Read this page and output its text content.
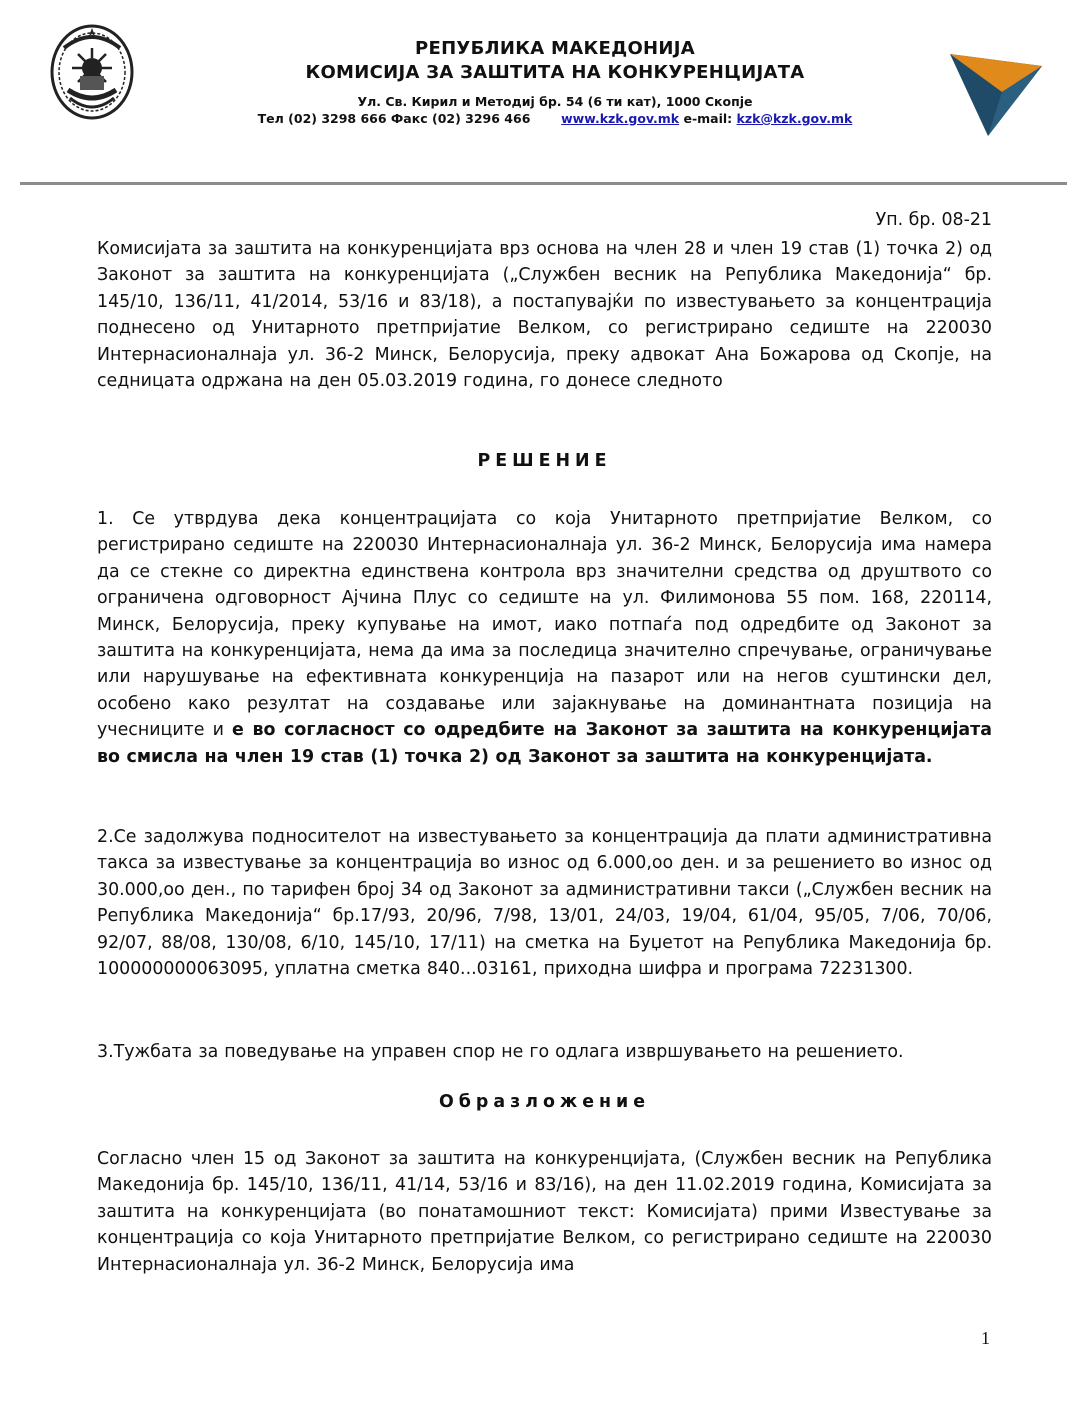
РЕПУБЛИКА МАКЕДОНИЈА
КОМИСИЈА ЗА ЗАШТИТА НА КОНКУРЕНЦИЈАТА
Ул. Св. Кирил и Методиј бр. 54 (6 ти кат), 1000 Скопје
Тел (02) 3298 666 Факс (02) 3296 466 www.kzk.gov.mk e-mail: kzk@kzk.gov.mk
Уп. бр. 08-21
Комисијата за заштита на конкуренцијата врз основа на член 28 и член 19 став (1) точка 2) од Законот за заштита на конкуренцијата („Службен весник на Република Македонија“ бр. 145/10, 136/11, 41/2014, 53/16 и 83/18), а постапувајќи по известувањето за концентрација поднесено од Унитарното претпријатие Велком, со регистрирано седиште на 220030 Интернасионалнаја ул. 36-2 Минск, Белорусија, преку адвокат Ана Божарова од Скопје, на седницата одржана на ден 05.03.2019 година, го донесе следното
РЕШЕНИЕ
1. Се утврдува дека концентрацијата со која Унитарното претпријатие Велком, со регистрирано седиште на 220030 Интернасионалнаја ул. 36-2 Минск, Белорусија има намера да се стекне со директна единствена контрола врз значителни средства од друштвото со ограничена одговорност Ајчина Плус со седиште на ул. Филимонова 55 пом. 168, 220114, Минск, Белорусија, преку купување на имот, иако потпаѓа под одредбите од Законот за заштита на конкуренцијата, нема да има за последица значително спречување, ограничување или нарушување на ефективната конкуренција на пазарот или на негов суштински дел, особено како резултат на создавање или зајакнување на доминантната позиција на учесниците и е во согласност со одредбите на Законот за заштита на конкуренцијата во смисла на член 19 став (1) точка 2) од Законот за заштита на конкуренцијата.
2.Се задолжува подносителот на известувањето за концентрација да плати административна такса за известување за концентрација во износ од 6.000,оо ден. и за решението во износ од 30.000,оо ден., по тарифен број 34 од Законот за административни такси („Службен весник на Република Македонија“ бр.17/93, 20/96, 7/98, 13/01, 24/03, 19/04, 61/04, 95/05, 7/06, 70/06, 92/07, 88/08, 130/08, 6/10, 145/10, 17/11) на сметка на Буџетот на Република Македонија бр. 100000000063095, уплатна сметка 840...03161, приходна шифра и програма 72231300.
3.Тужбата за поведување на управен спор не го одлага извршувањето на решението.
Образложение
Согласно член 15 од Законот за заштита на конкуренцијата, (Службен весник на Република Македонија бр. 145/10, 136/11, 41/14, 53/16 и 83/16), на ден 11.02.2019 година, Комисијата за заштита на конкуренцијата (во понатамошниот текст: Комисијата) прими Известување за концентрација со која Унитарното претпријатие Велком, со регистрирано седиште на 220030 Интернасионалнаја ул. 36-2 Минск, Белорусија има
1
